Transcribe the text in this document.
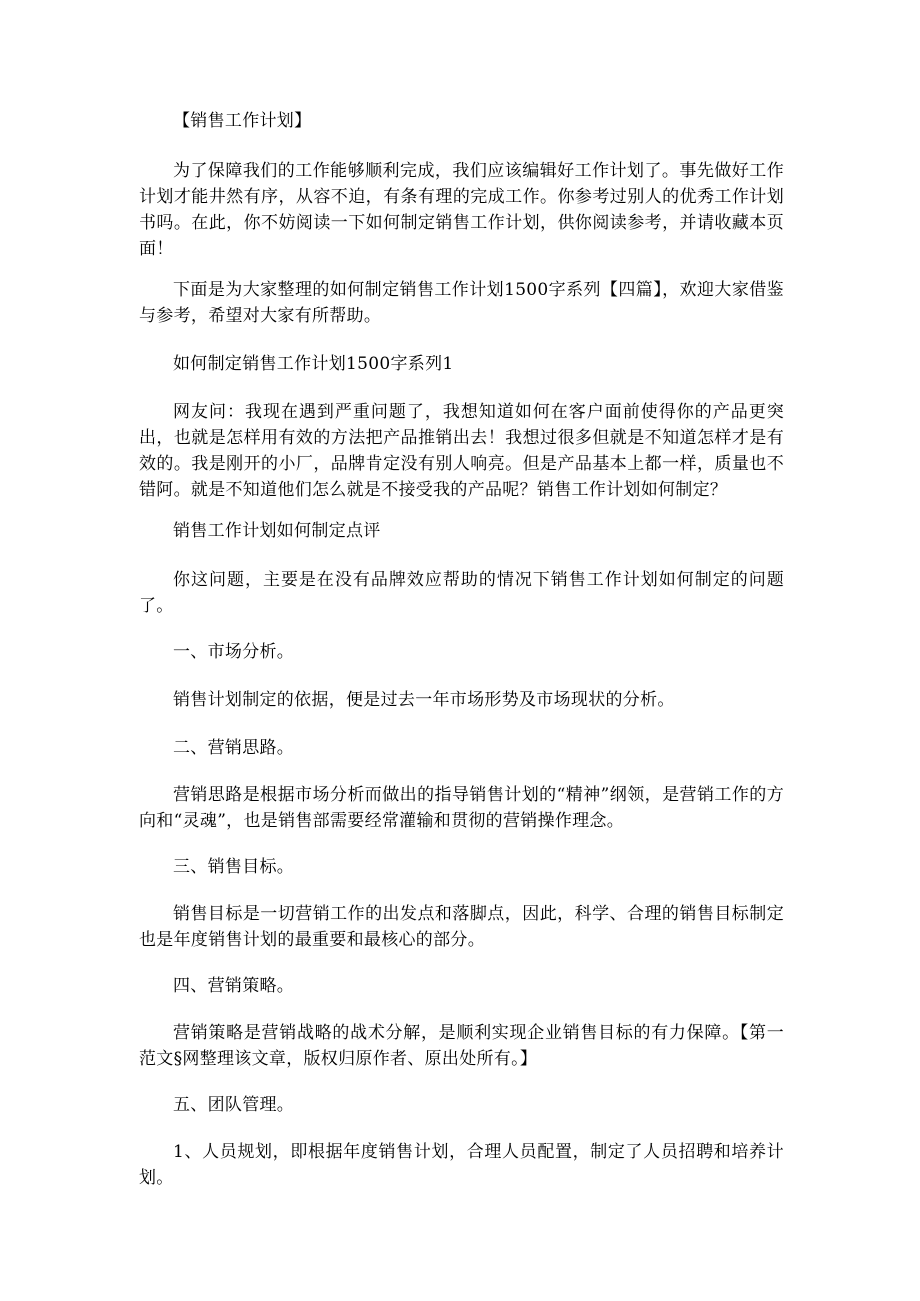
【销售工作计划】

为了保障我们的工作能够顺利完成，我们应该编辑好工作计划了。事先做好工作计划才能井然有序，从容不迫，有条有理的完成工作。你参考过别人的优秀工作计划书吗。在此，你不妨阅读一下如何制定销售工作计划，供你阅读参考，并请收藏本页面！

下面是为大家整理的如何制定销售工作计划1500字系列【四篇】，欢迎大家借鉴与参考，希望对大家有所帮助。

如何制定销售工作计划1500字系列1

网友问：我现在遇到严重问题了，我想知道如何在客户面前使得你的产品更突出，也就是怎样用有效的方法把产品推销出去！我想过很多但就是不知道怎样才是有效的。我是刚开的小厂，品牌肯定没有别人响亮。但是产品基本上都一样，质量也不错阿。就是不知道他们怎么就是不接受我的产品呢？销售工作计划如何制定？

销售工作计划如何制定点评

你这问题，主要是在没有品牌效应帮助的情况下销售工作计划如何制定的问题了。

一、市场分析。

销售计划制定的依据，便是过去一年市场形势及市场现状的分析。

二、营销思路。

营销思路是根据市场分析而做出的指导销售计划的“精神”纲领，是营销工作的方向和“灵魂”，也是销售部需要经常灌输和贯彻的营销操作理念。

三、销售目标。

销售目标是一切营销工作的出发点和落脚点，因此，科学、合理的销售目标制定也是年度销售计划的最重要和最核心的部分。

四、营销策略。

营销策略是营销战略的战术分解，是顺利实现企业销售目标的有力保障。【第一范文§网整理该文章，版权归原作者、原出处所有。】

五、团队管理。

1、人员规划，即根据年度销售计划，合理人员配置，制定了人员招聘和培养计划。
